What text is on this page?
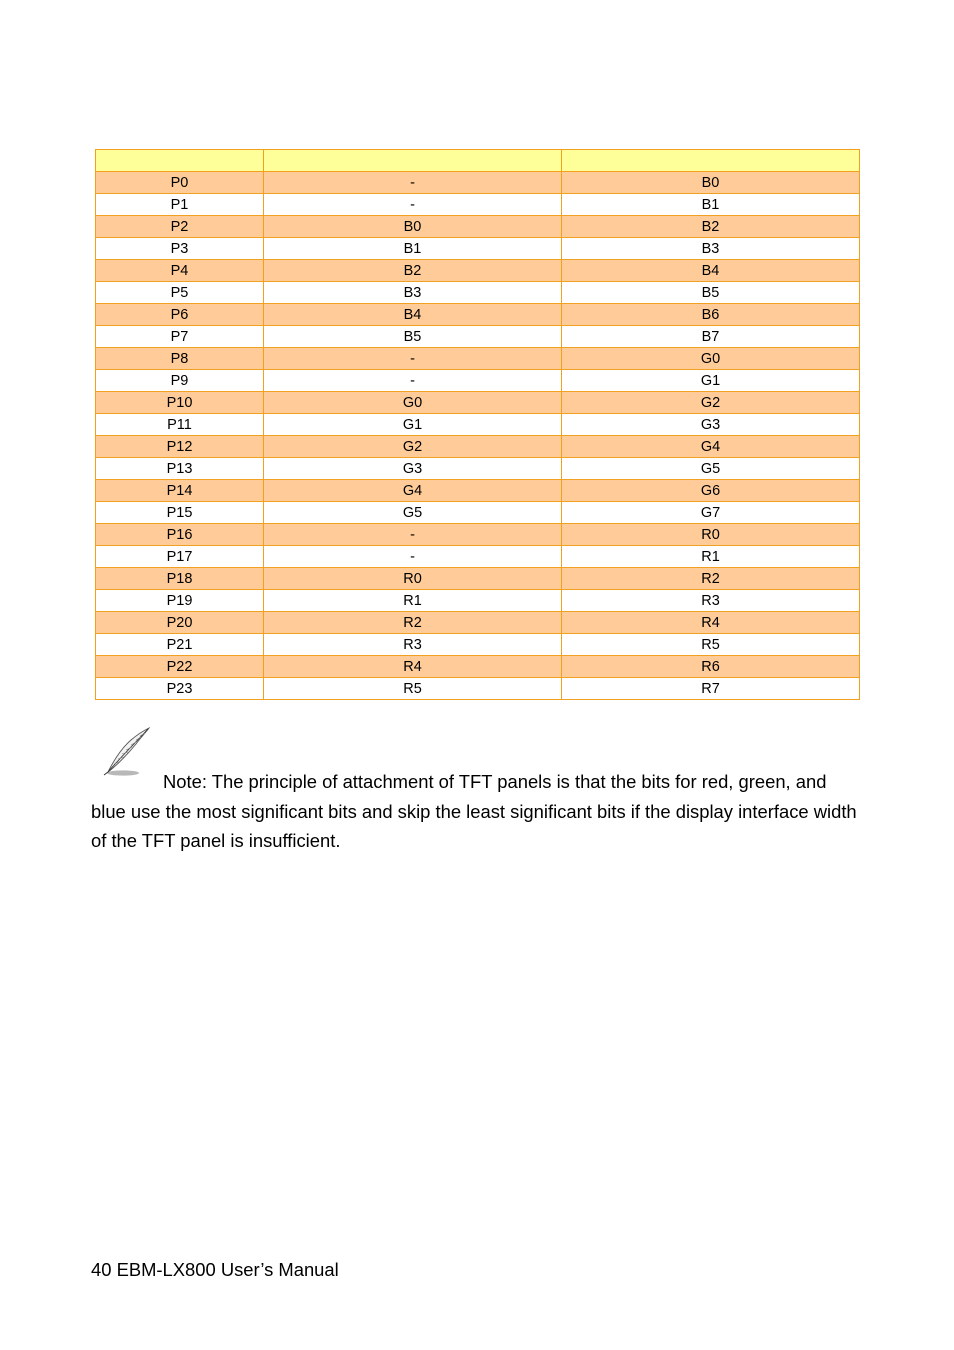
P0	-	B0
P1	-	B1
P2	B0	B2
P3	B1	B3
P4	B2	B4
P5	B3	B5
P6	B4	B6
P7	B5	B7
P8	-	G0
P9	-	G1
P10	G0	G2
P11	G1	G3
P12	G2	G4
P13	G3	G5
P14	G4	G6
P15	G5	G7
P16	-	R0
P17	-	R1
P18	R0	R2
P19	R1	R3
P20	R2	R4
P21	R3	R5
P22	R4	R6
P23	R5	R7
Note: The principle of attachment of TFT panels is that the bits for red, green, and blue use the most significant bits and skip the least significant bits if the display interface width of the TFT panel is insufficient.
40 EBM-LX800 User’s Manual
